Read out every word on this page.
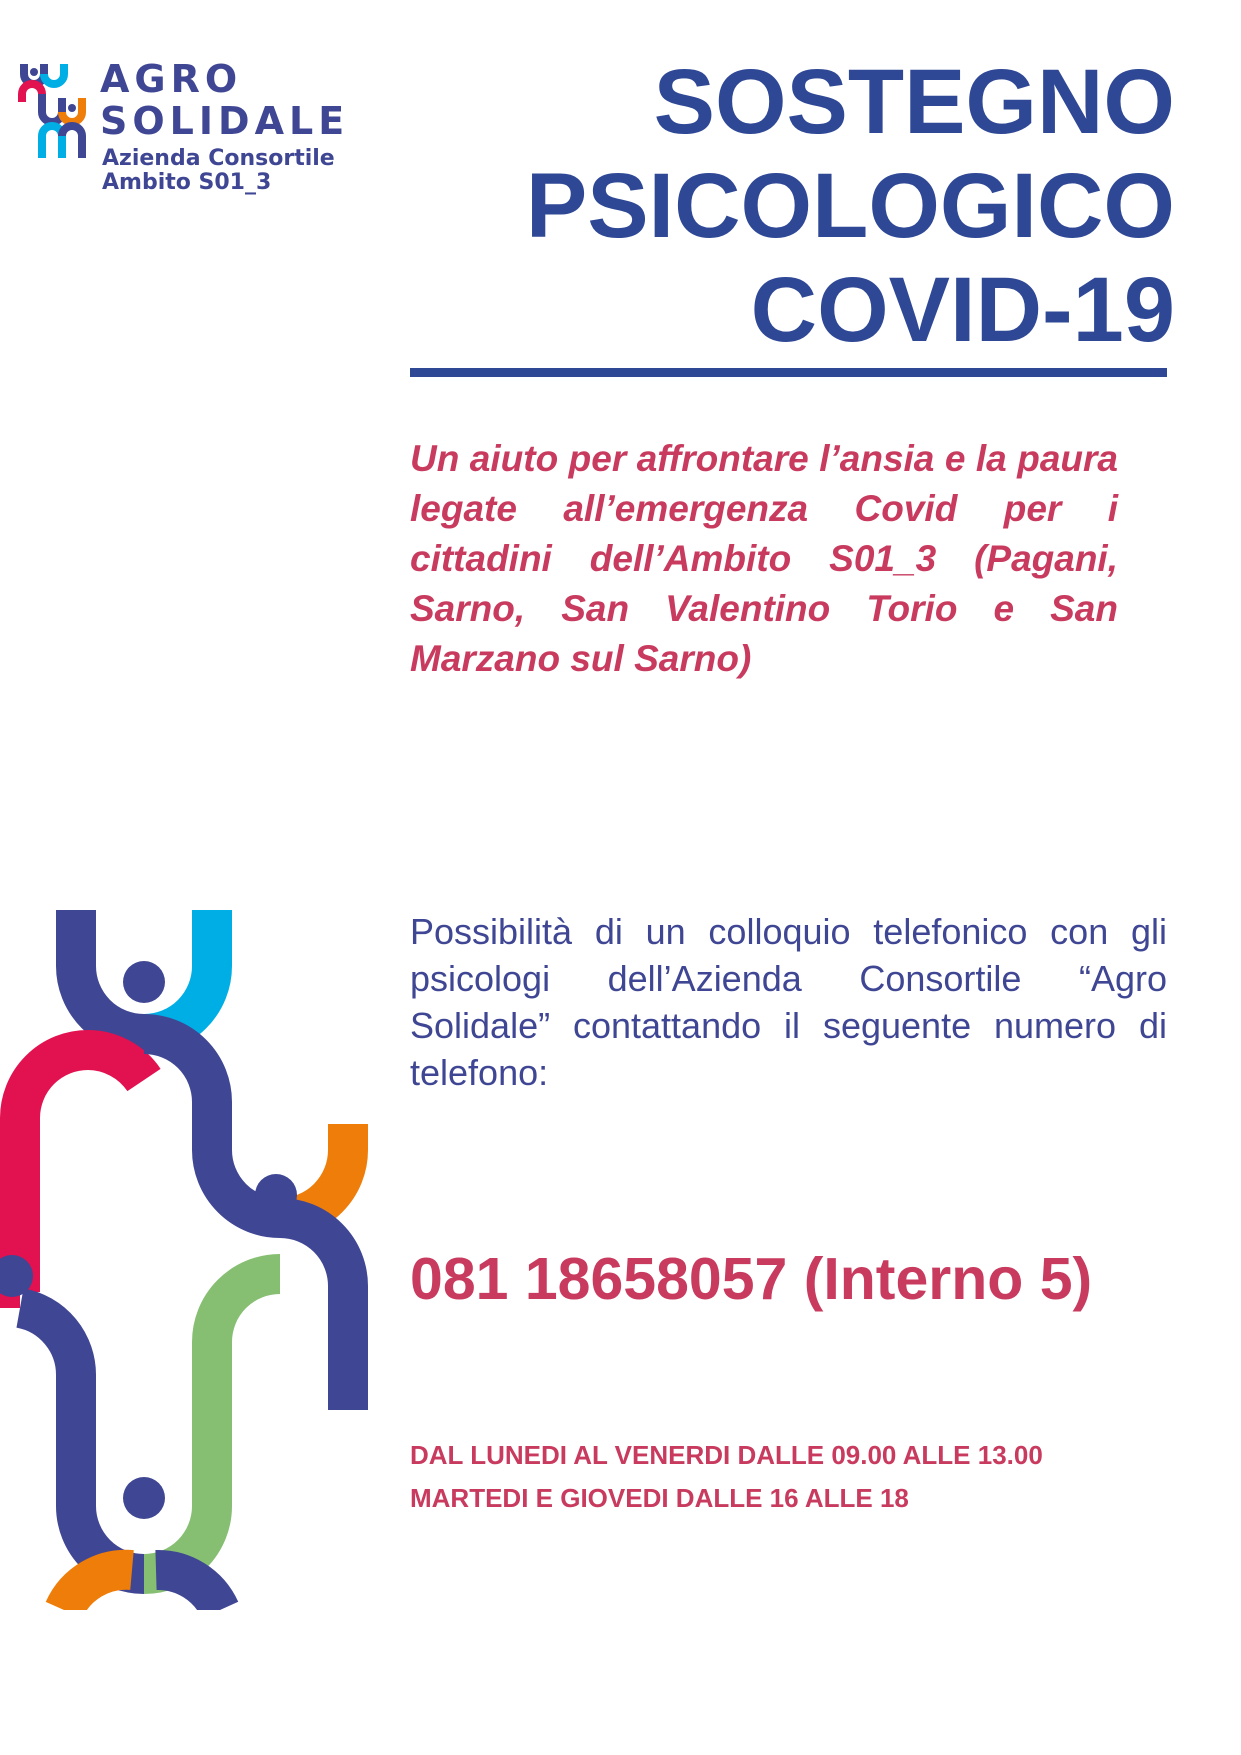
AGRO
SOLIDALE
Azienda Consortile
Ambito S01_3
SOSTEGNO
PSICOLOGICO
COVID-19
Un aiuto per affrontare l’ansia e la paura legate all’emergenza Covid per i cittadini dell’Ambito S01_3 (Pagani, Sarno, San Valentino Torio e San Marzano sul Sarno)
Possibilità di un colloquio telefonico con gli psicologi dell’Azienda Consortile “Agro Solidale” contattando il seguente numero di telefono:
081 18658057 (Interno 5)
DAL LUNEDI AL VENERDI DALLE 09.00 ALLE 13.00
MARTEDI E GIOVEDI DALLE 16 ALLE 18
